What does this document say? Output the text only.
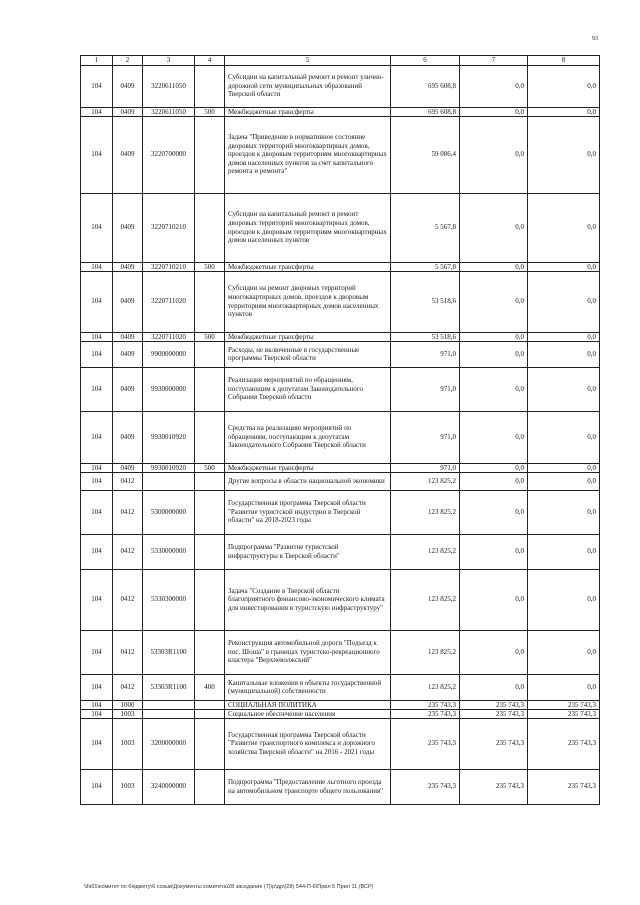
93
1	2	3	4	5	6	7	8
104	0409	3220611050		Субсидии на капитальный ремонт и ремонт улично-дорожной сети муниципальных образований Тверской области	695 608,8	0,0	0,0
104	0409	3220611050	500	Межбюджетные трансферты	695 608,8	0,0	0,0
104	0409	3220700000		Задача "Приведение в нормативное состояние дворовых территорий многоквартирных домов, проездов к дворовым территориям многоквартирных домов населенных пунктов за счет капитального ремонта и ремонта"	59 086,4	0,0	0,0
104	0409	3220710210		Субсидии на капитальный ремонт и ремонт дворовых территорий многоквартирных домов, проездов к дворовым территориям многоквартирных домов населенных пунктов	5 567,8	0,0	0,0
104	0409	3220710210	500	Межбюджетные трансферты	5 567,8	0,0	0,0
104	0409	3220711020		Субсидии на ремонт дворовых территорий многоквартирных домов, проездов к дворовым территориям многоквартирных домов населенных пунктов	53 518,6	0,0	0,0
104	0409	3220711020	500	Межбюджетные трансферты	53 518,6	0,0	0,0
104	0409	9900000000		Расходы, не включенные в государственные программы Тверской области	971,0	0,0	0,0
104	0409	9930000000		Реализация мероприятий по обращениям, поступающим к депутатам Законодательного Собрания Тверской области	971,0	0,0	0,0
104	0409	9930010920		Средства на реализацию мероприятий по обращениям, поступающим к депутатам Законодательного Собрания Тверской области	971,0	0,0	0,0
104	0409	9930010920	500	Межбюджетные трансферты	971,0	0,0	0,0
104	0412			Другие вопросы в области национальной экономики	123 825,2	0,0	0,0
104	0412	5300000000		Государственная программа Тверской области "Развитие туристской индустрии в Тверской области" на 2018-2023 годы	123 825,2	0,0	0,0
104	0412	5330000000		Подпрограмма "Развитие туристской инфраструктуры в Тверской области"	123 825,2	0,0	0,0
104	0412	5330300000		Задача "Создание в Тверской области благоприятного финансово-экономического климата для инвестирования в туристскую инфраструктуру"	123 825,2	0,0	0,0
104	0412	53303R1100		Реконструкция автомобильной дороги "Подъезд к пос. Шоша" в границах туристско-рекреационного кластера "Верхневолжский"	123 825,2	0,0	0,0
104	0412	53303R1100	400	Капитальные вложения в объекты государственной (муниципальной) собственности	123 825,2	0,0	0,0
104	1000			СОЦИАЛЬНАЯ ПОЛИТИКА	235 743,3	235 743,3	235 743,3
104	1003			Социальное обеспечение населения	235 743,3	235 743,3	235 743,3
104	1003	3200000000		Государственная программа Тверской области "Развитие транспортного комплекса и дорожного хозяйства Тверской области" на 2016 - 2021 годы	235 743,3	235 743,3	235 743,3
104	1003	3240000000		Подпрограмма "Предоставление льготного проезда на автомобильном транспорте общего пользования"	235 743,3	235 743,3	235 743,3
\\fs01\комитет по бюджету\6 созыв\Документы комитета\28 заседание (7)\р\др\(28) 544-П-6\Прил 5 Прил 11 (ВСР)
